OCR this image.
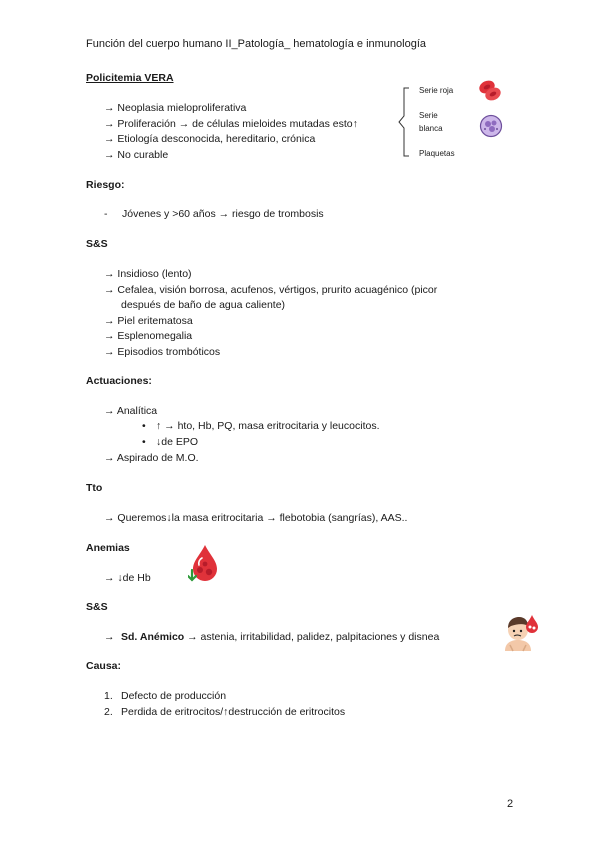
Función del cuerpo humano II_Patología_ hematología e inmunología
Policitemia VERA
→ Neoplasia mieloproliferativa
→ Proliferación → de células mieloides mutadas esto↑
→ Etiología desconocida, hereditario, crónica
→ No curable
Serie roja
Serie
blanca
Plaquetas
Riesgo:
-	Jóvenes y >60 años → riesgo de trombosis
S&S
→ Insidioso (lento)
→ Cefalea, visión borrosa, acufenos, vértigos, prurito acuagénico (picor
después de baño de agua caliente)
→ Piel eritematosa
→ Esplenomegalia
→ Episodios trombóticos
Actuaciones:
→ Analítica
• ↑ → hto, Hb, PQ, masa eritrocitaria y leucocitos.
• ↓de EPO
→ Aspirado de M.O.
Tto
→ Queremos↓la masa eritrocitaria → flebotobia (sangrías), AAS..
Anemias
→ ↓de Hb
S&S
→ Sd. Anémico → astenia, irritabilidad, palidez, palpitaciones y disnea
Causa:
1. Defecto de producción
2. Perdida de eritrocitos/↑destrucción de eritrocitos
2
